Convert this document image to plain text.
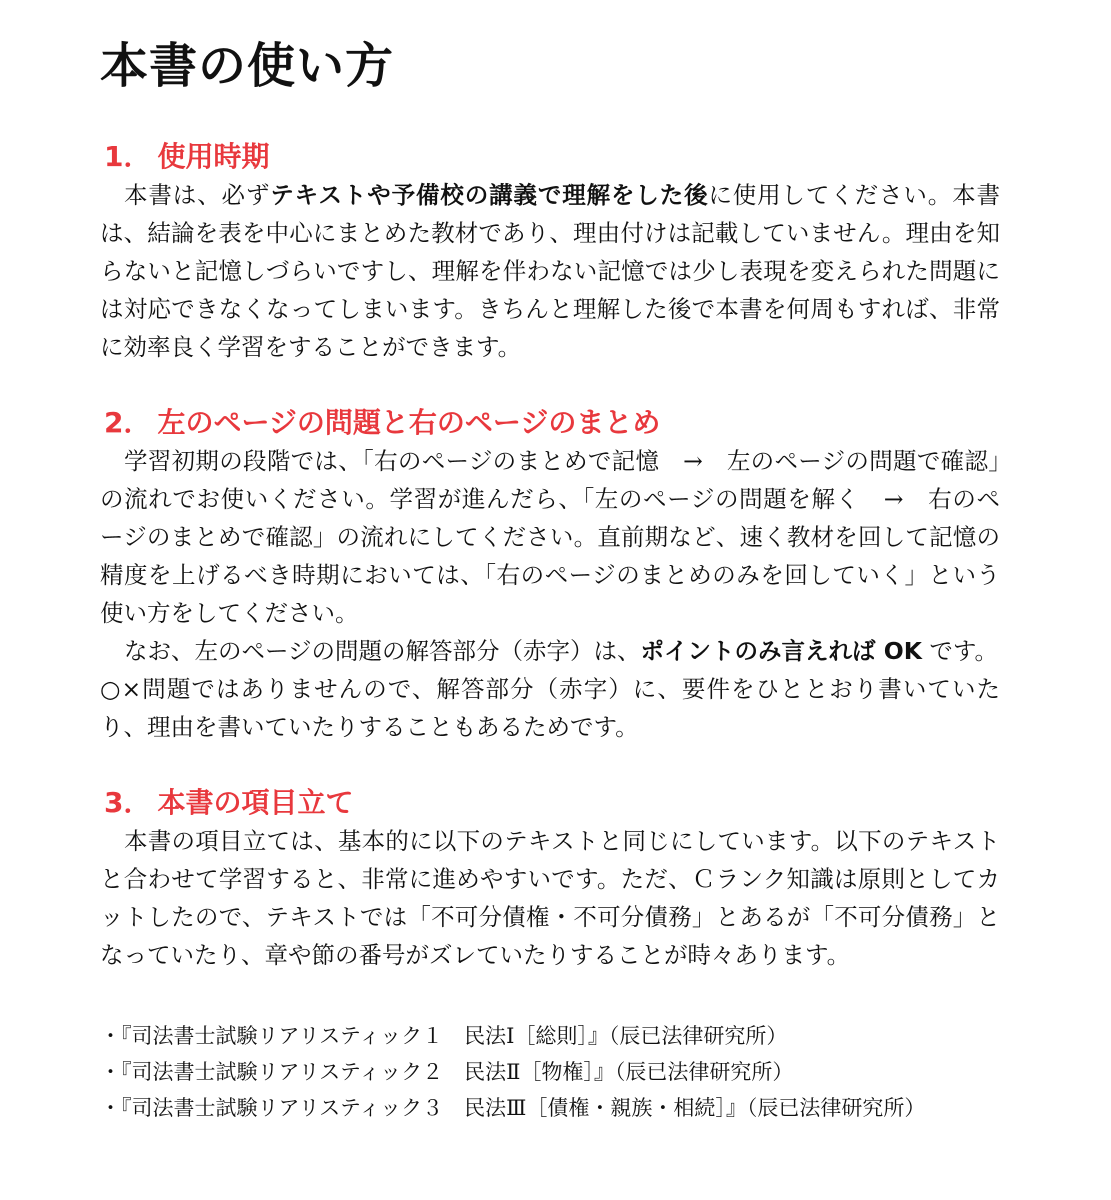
本書の使い方
1． 使用時期

本書は、必ずテキストや予備校の講義で理解をした後に使用してください。本書は、結論を表を中心にまとめた教材であり、理由付けは記載していません。理由を知らないと記憶しづらいですし、理解を伴わない記憶では少し表現を変えられた問題には対応できなくなってしまいます。きちんと理解した後で本書を何周もすれば、非常に効率良く学習をすることができます。

2． 左のページの問題と右のページのまとめ

学習初期の段階では、「右のページのまとめで記憶　→　左のページの問題で確認」の流れでお使いください。学習が進んだら、「左のページの問題を解く　→　右のページのまとめで確認」の流れにしてください。直前期など、速く教材を回して記憶の精度を上げるべき時期においては、「右のページのまとめのみを回していく」という使い方をしてください。

なお、左のページの問題の解答部分（赤字）は、ポイントのみ言えれば OK です。

○×問題ではありませんので、解答部分（赤字）に、要件をひととおり書いていたり、理由を書いていたりすることもあるためです。

3． 本書の項目立て

本書の項目立ては、基本的に以下のテキストと同じにしています。以下のテキストと合わせて学習すると、非常に進めやすいです。ただ、Ｃランク知識は原則としてカットしたので、テキストでは「不可分債権・不可分債務」とあるが「不可分債務」となっていたり、章や節の番号がズレていたりすることが時々あります。

・『司法書士試験リアリスティック１　民法Ⅰ［総則］』（辰已法律研究所）
・『司法書士試験リアリスティック２　民法Ⅱ［物権］』（辰已法律研究所）
・『司法書士試験リアリスティック３　民法Ⅲ［債権・親族・相続］』（辰已法律研究所）
